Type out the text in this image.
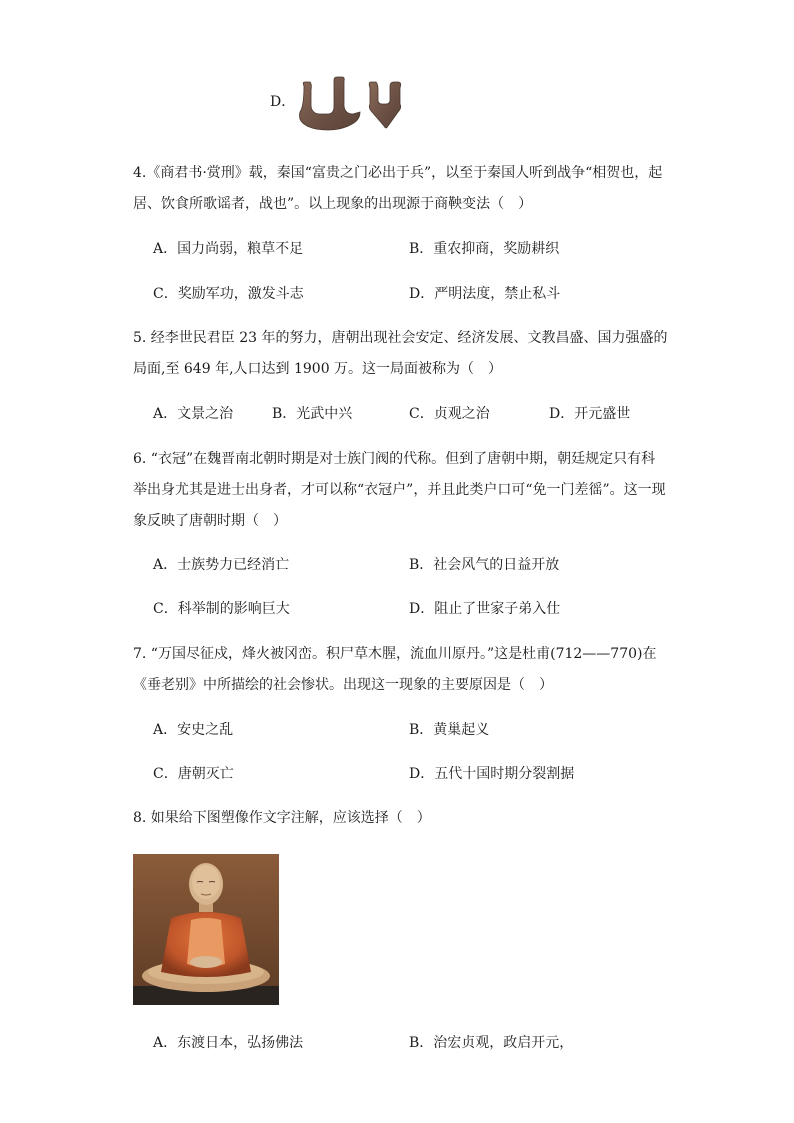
D．
4.《商君书·赏刑》载，秦国“富贵之门必出于兵”，以至于秦国人听到战争“相贺也，起
居、饮食所歌谣者，战也”。以上现象的出现源于商鞅变法（　）
A．国力尚弱，粮草不足	B．重农抑商，奖励耕织
C．奖励军功，激发斗志	D．严明法度，禁止私斗
5. 经李世民君臣 23 年的努力，唐朝出现社会安定、经济发展、文教昌盛、国力强盛的
局面,至 649 年,人口达到 1900 万。这一局面被称为（　）
A．文景之治	B．光武中兴	C．贞观之治	D．开元盛世
6. “衣冠”在魏晋南北朝时期是对士族门阀的代称。但到了唐朝中期，朝廷规定只有科
举出身尤其是进士出身者，才可以称“衣冠户”，并且此类户口可“免一门差徭”。这一现
象反映了唐朝时期（　）
A．士族势力已经消亡	B．社会风气的日益开放
C．科举制的影响巨大	D．阻止了世家子弟入仕
7. “万国尽征戍，烽火被冈峦。积尸草木腥，流血川原丹。”这是杜甫(712——770)在
《垂老别》中所描绘的社会惨状。出现这一现象的主要原因是（　）
A．安史之乱	B．黄巢起义
C．唐朝灭亡	D．五代十国时期分裂割据
8. 如果给下图塑像作文字注解，应该选择（　）
A．东渡日本，弘扬佛法	B．治宏贞观，政启开元，
